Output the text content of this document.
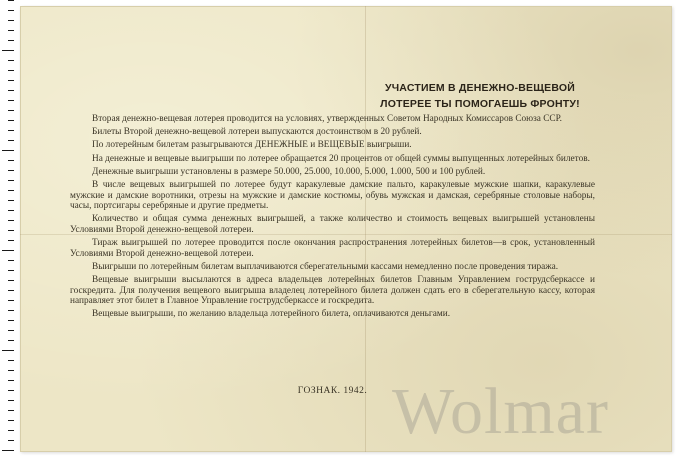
УЧАСТИЕМ В ДЕНЕЖНО-ВЕЩЕВОЙ
ЛОТЕРЕЕ ТЫ ПОМОГАЕШЬ ФРОНТУ!

Вторая денежно-вещевая лотерея проводится на условиях, утвержденных Советом Народных Комиссаров Союза ССР.

Билеты Второй денежно-вещевой лотереи выпускаются достоинством в 20 рублей.

По лотерейным билетам разыгрываются ДЕНЕЖНЫЕ и ВЕЩЕВЫЕ выигрыши.

На денежные и вещевые выигрыши по лотерее обращается 20 процентов от общей суммы выпущенных лотерейных билетов.

Денежные выигрыши установлены в размере 50.000, 25.000, 10.000, 5.000, 1.000, 500 и 100 рублей.

В числе вещевых выигрышей по лотерее будут каракулевые дамские пальто, каракулевые мужские шапки, каракулевые мужские и дамские воротники, отрезы на мужские и дамские костюмы, обувь мужская и дамская, серебряные столовые наборы, часы, портсигары серебряные и другие предметы.

Количество и общая сумма денежных выигрышей, а также количество и стоимость вещевых выигрышей установлены Условиями Второй денежно-вещевой лотереи.

Тираж выигрышей по лотерее проводится после окончания распространения лотерейных билетов—в срок, установленный Условиями Второй денежно-вещевой лотереи.

Выигрыши по лотерейным билетам выплачиваются сберегательными кассами немедленно после проведения тиража.

Вещевые выигрыши высылаются в адреса владельцев лотерейных билетов Главным Управлением гострудсберкассе и госкредита. Для получения вещевого выигрыша владелец лотерейного билета должен сдать его в сберегательную кассу, которая направляет этот билет в Главное Управление гострудсберкассе и госкредита.

Вещевые выигрыши, по желанию владельца лотерейного билета, оплачиваются деньгами.

ГОЗНАК. 1942. Wolmar
